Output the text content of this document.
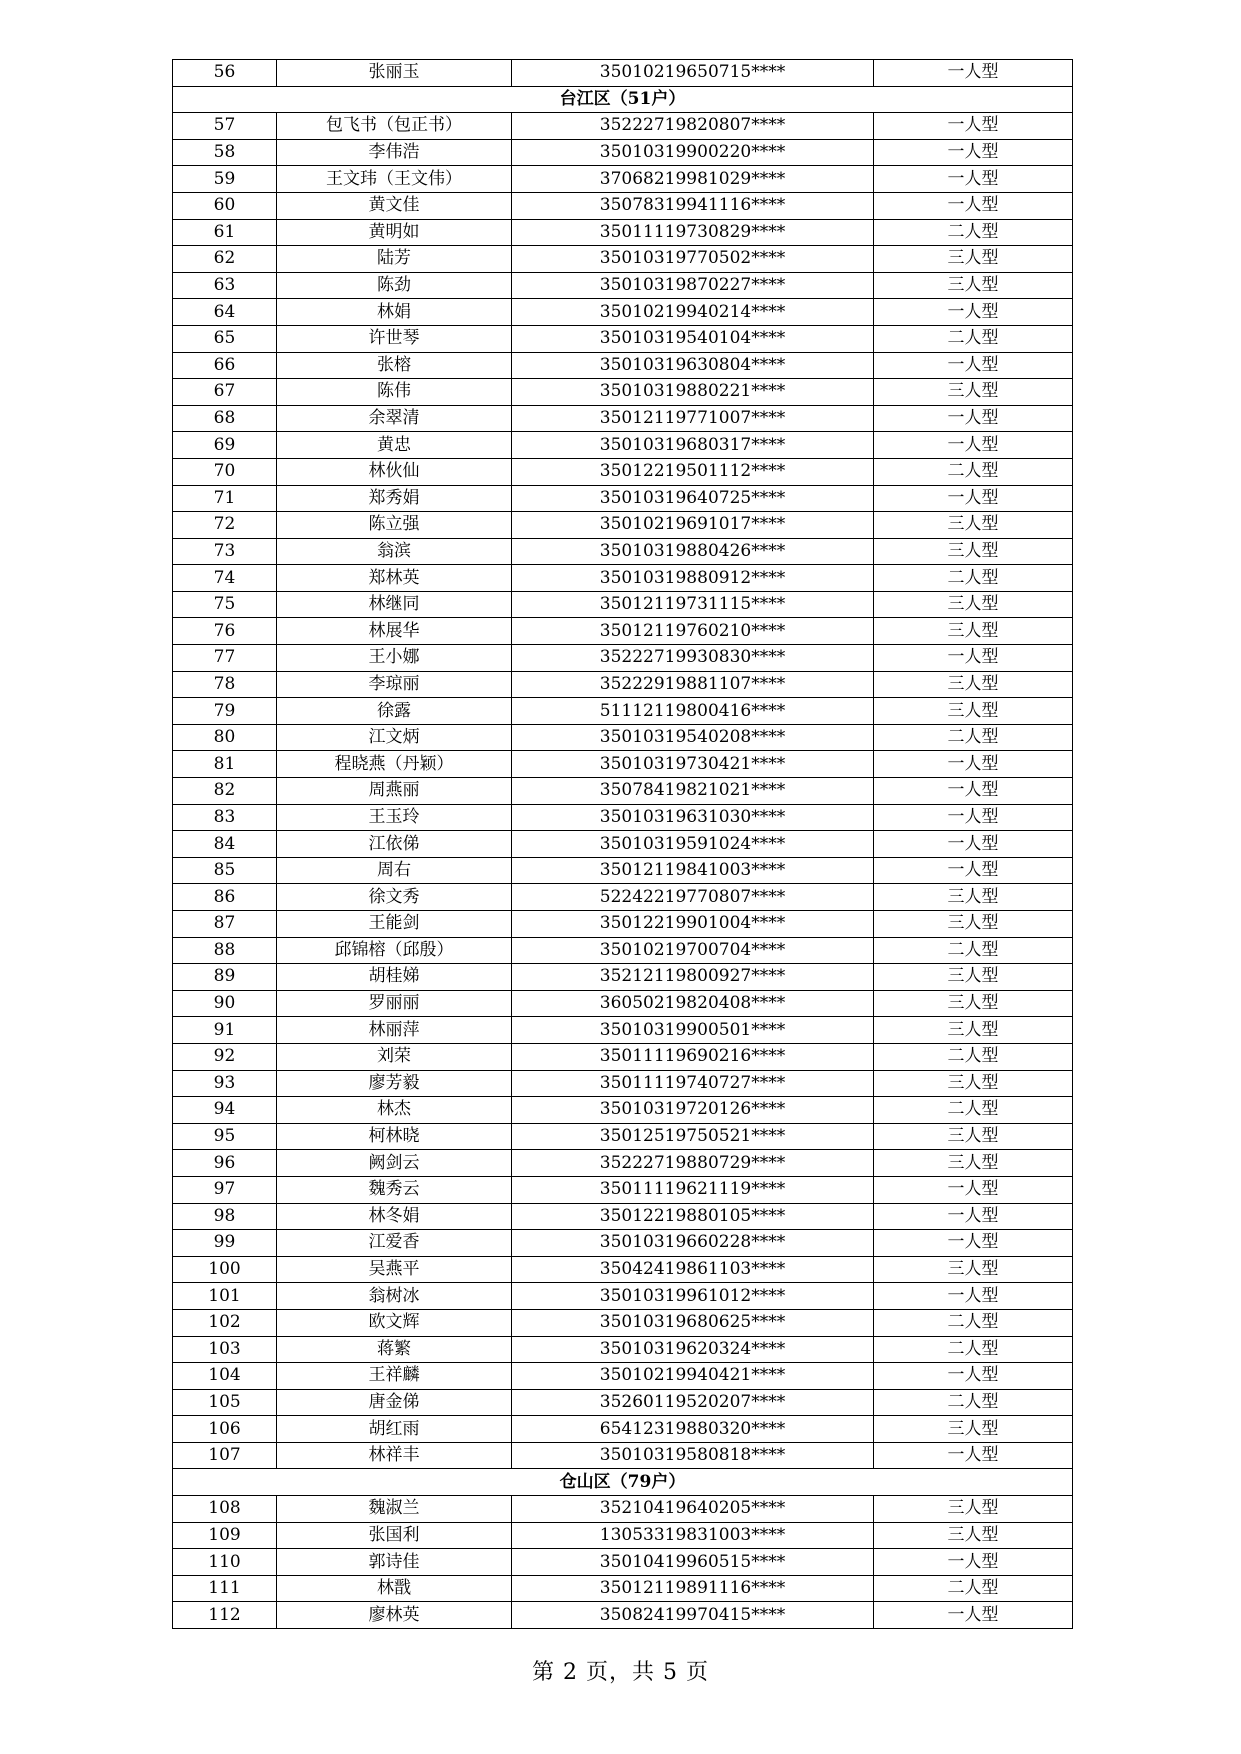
56	张丽玉	35010219650715****	一人型
台江区（51户）			
57	包飞书（包正书）	35222719820807****	一人型
58	李伟浩	35010319900220****	一人型
59	王文玮（王文伟）	37068219981029****	一人型
60	黄文佳	35078319941116****	一人型
61	黄明如	35011119730829****	二人型
62	陆芳	35010319770502****	三人型
63	陈劲	35010319870227****	三人型
64	林娟	35010219940214****	一人型
65	许世琴	35010319540104****	二人型
66	张榕	35010319630804****	一人型
67	陈伟	35010319880221****	三人型
68	余翠清	35012119771007****	一人型
69	黄忠	35010319680317****	一人型
70	林伙仙	35012219501112****	二人型
71	郑秀娟	35010319640725****	一人型
72	陈立强	35010219691017****	三人型
73	翁滨	35010319880426****	三人型
74	郑林英	35010319880912****	二人型
75	林继同	35012119731115****	三人型
76	林展华	35012119760210****	三人型
77	王小娜	35222719930830****	一人型
78	李琼丽	35222919881107****	三人型
79	徐露	51112119800416****	三人型
80	江文炳	35010319540208****	二人型
81	程晓燕（丹颖）	35010319730421****	一人型
82	周燕丽	35078419821021****	一人型
83	王玉玲	35010319631030****	一人型
84	江依俤	35010319591024****	一人型
85	周右	35012119841003****	一人型
86	徐文秀	52242219770807****	三人型
87	王能剑	35012219901004****	三人型
88	邱锦榕（邱殷）	35010219700704****	二人型
89	胡桂娣	35212119800927****	三人型
90	罗丽丽	36050219820408****	三人型
91	林丽萍	35010319900501****	三人型
92	刘荣	35011119690216****	二人型
93	廖芳毅	35011119740727****	三人型
94	林杰	35010319720126****	二人型
95	柯林晓	35012519750521****	三人型
96	阙剑云	35222719880729****	三人型
97	魏秀云	35011119621119****	一人型
98	林冬娟	35012219880105****	一人型
99	江爱香	35010319660228****	一人型
100	吴燕平	35042419861103****	三人型
101	翁树冰	35010319961012****	一人型
102	欧文辉	35010319680625****	二人型
103	蒋繁	35010319620324****	二人型
104	王祥麟	35010219940421****	一人型
105	唐金俤	35260119520207****	二人型
106	胡红雨	65412319880320****	三人型
107	林祥丰	35010319580818****	一人型
仓山区（79户）			
108	魏淑兰	35210419640205****	三人型
109	张国利	13053319831003****	三人型
110	郭诗佳	35010419960515****	一人型
111	林戬	35012119891116****	二人型
112	廖林英	35082419970415****	一人型
第 2 页，共 5 页
